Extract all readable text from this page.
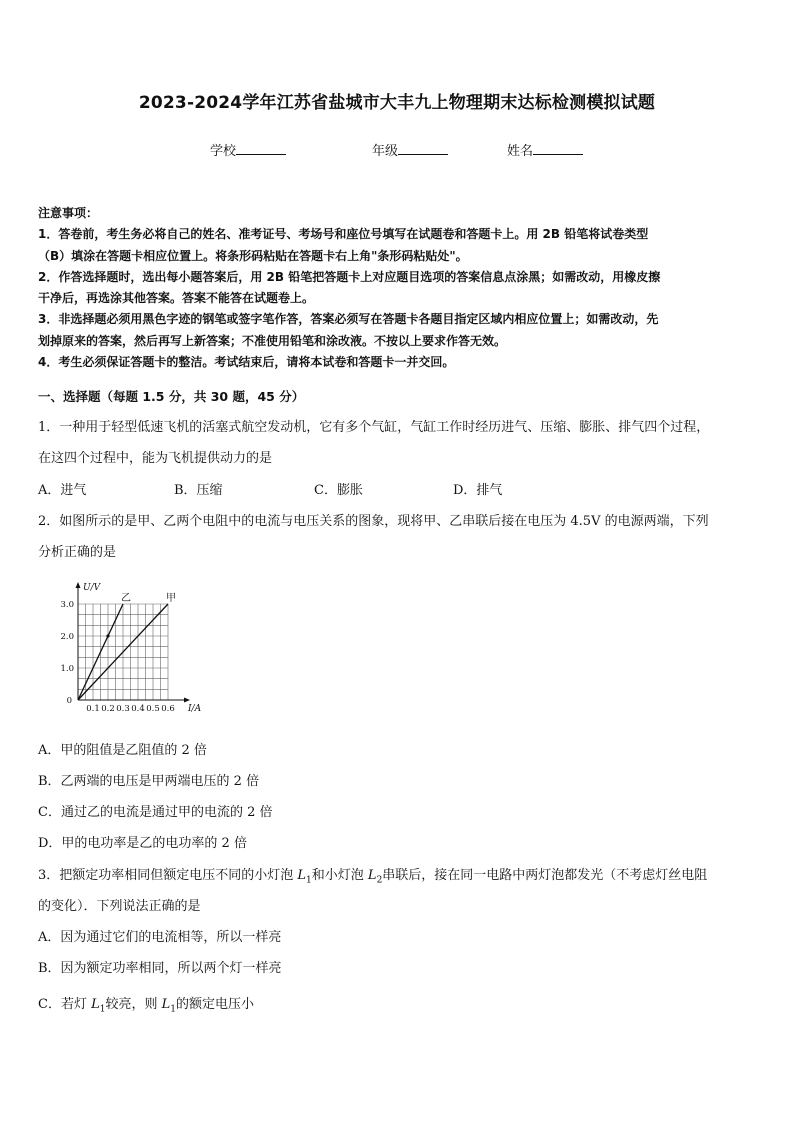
2023-2024学年江苏省盐城市大丰九上物理期末达标检测模拟试题
学校	年级	姓名

注意事项：

1．答卷前，考生务必将自己的姓名、准考证号、考场号和座位号填写在试题卷和答题卡上。用 2B 铅笔将试卷类型

（B）填涂在答题卡相应位置上。将条形码粘贴在答题卡右上角"条形码粘贴处"。

2．作答选择题时，选出每小题答案后，用 2B 铅笔把答题卡上对应题目选项的答案信息点涂黑；如需改动，用橡皮擦

干净后，再选涂其他答案。答案不能答在试题卷上。

3．非选择题必须用黑色字迹的钢笔或签字笔作答，答案必须写在答题卡各题目指定区域内相应位置上；如需改动，先

划掉原来的答案，然后再写上新答案；不准使用铅笔和涂改液。不按以上要求作答无效。

4．考生必须保证答题卡的整洁。考试结束后，请将本试卷和答题卡一并交回。

一、选择题（每题 1.5 分，共 30 题，45 分）
1．一种用于轻型低速飞机的活塞式航空发动机，它有多个气缸，气缸工作时经历进气、压缩、膨胀、排气四个过程，
在这四个过程中，能为飞机提供动力的是
A．进气	B．压缩	C．膨胀	D．排气
2．如图所示的是甲、乙两个电阻中的电流与电压关系的图象，现将甲、乙串联后接在电压为 4.5V 的电源两端，下列
分析正确的是
乙	甲
0.1 0.2 0.3 0.4 0.5 0.6
1.0
2.0
3.0
0
I/A
U/V
A．甲的阻值是乙阻值的 2 倍
B．乙两端的电压是甲两端电压的 2 倍
C．通过乙的电流是通过甲的电流的 2 倍
D．甲的电功率是乙的电功率的 2 倍
3．把额定功率相同但额定电压不同的小灯泡 $L_1$和小灯泡 $L_2$串联后，接在同一电路中两灯泡都发光（不考虑灯丝电阻
的变化）．下列说法正确的是
A．因为通过它们的电流相等，所以一样亮
B．因为额定功率相同，所以两个灯一样亮
C．若灯 $L_1$较亮，则 $L_1$的额定电压小
